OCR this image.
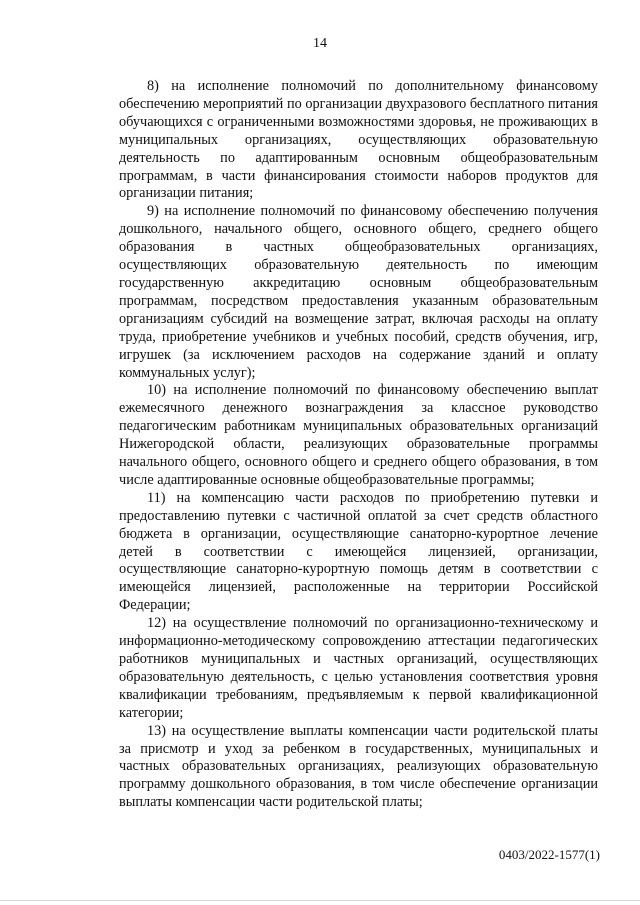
14

8) на исполнение полномочий по дополнительному финансовому обеспечению мероприятий по организации двухразового бесплатного питания обучающихся с ограниченными возможностями здоровья, не проживающих в муниципальных организациях, осуществляющих образовательную деятельность по адаптированным основным общеобразовательным программам, в части финансирования стоимости наборов продуктов для организации питания;

9) на исполнение полномочий по финансовому обеспечению получения дошкольного, начального общего, основного общего, среднего общего образования в частных общеобразовательных организациях, осуществляющих образовательную деятельность по имеющим государственную аккредитацию основным общеобразовательным программам, посредством предоставления указанным образовательным организациям субсидий на возмещение затрат, включая расходы на оплату труда, приобретение учебников и учебных пособий, средств обучения, игр, игрушек (за исключением расходов на содержание зданий и оплату коммунальных услуг);

10) на исполнение полномочий по финансовому обеспечению выплат ежемесячного денежного вознаграждения за классное руководство педагогическим работникам муниципальных образовательных организаций Нижегородской области, реализующих образовательные программы начального общего, основного общего и среднего общего образования, в том числе адаптированные основные общеобразовательные программы;

11) на компенсацию части расходов по приобретению путевки и предоставлению путевки с частичной оплатой за счет средств областного бюджета в организации, осуществляющие санаторно-курортное лечение детей в соответствии с имеющейся лицензией, организации, осуществляющие санаторно-курортную помощь детям в соответствии с имеющейся лицензией, расположенные на территории Российской Федерации;

12) на осуществление полномочий по организационно-техническому и информационно-методическому сопровождению аттестации педагогических работников муниципальных и частных организаций, осуществляющих образовательную деятельность, с целью установления соответствия уровня квалификации требованиям, предъявляемым к первой квалификационной категории;

13) на осуществление выплаты компенсации части родительской платы за присмотр и уход за ребенком в государственных, муниципальных и частных образовательных организациях, реализующих образовательную программу дошкольного образования, в том числе обеспечение организации выплаты компенсации части родительской платы;

0403/2022-1577(1)
